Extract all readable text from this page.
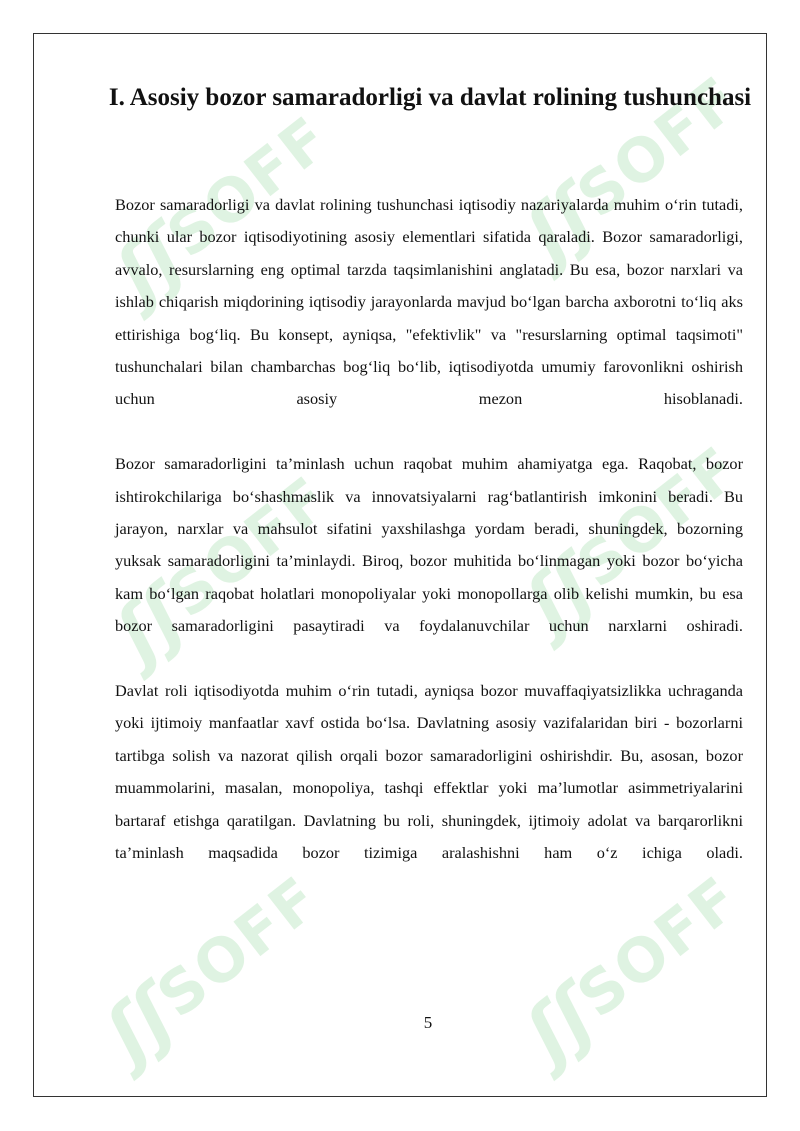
ʃʃ
SOFF ʃʃ
SOFF
ʃʃ
SOFF ʃʃ
SOFF
ʃʃ
SOFF ʃʃ
SOFF
I. Asosiy bozor samaradorligi va davlat rolining tushunchasi

Bozor samaradorligi va davlat rolining tushunchasi iqtisodiy nazariyalarda muhim o‘rin tutadi, chunki ular bozor iqtisodiyotining asosiy elementlari sifatida qaraladi. Bozor samaradorligi, avvalo, resurslarning eng optimal tarzda taqsimlanishini anglatadi. Bu esa, bozor narxlari va ishlab chiqarish miqdorining iqtisodiy jarayonlarda mavjud bo‘lgan barcha axborotni to‘liq aks ettirishiga bog‘liq. Bu konsept, ayniqsa, "efektivlik" va "resurslarning optimal taqsimoti" tushunchalari bilan chambarchas bog‘liq bo‘lib, iqtisodiyotda umumiy farovonlikni oshirish uchun asosiy mezon hisoblanadi.

Bozor samaradorligini ta’minlash uchun raqobat muhim ahamiyatga ega. Raqobat, bozor ishtirokchilariga bo‘shashmaslik va innovatsiyalarni rag‘batlantirish imkonini beradi. Bu jarayon, narxlar va mahsulot sifatini yaxshilashga yordam beradi, shuningdek, bozorning yuksak samaradorligini ta’minlaydi. Biroq, bozor muhitida bo‘linmagan yoki bozor bo‘yicha kam bo‘lgan raqobat holatlari monopoliyalar yoki monopollarga olib kelishi mumkin, bu esa bozor samaradorligini pasaytiradi va foydalanuvchilar uchun narxlarni oshiradi.

Davlat roli iqtisodiyotda muhim o‘rin tutadi, ayniqsa bozor muvaffaqiyatsizlikka uchraganda yoki ijtimoiy manfaatlar xavf ostida bo‘lsa. Davlatning asosiy vazifalaridan biri - bozorlarni tartibga solish va nazorat qilish orqali bozor samaradorligini oshirishdir. Bu, asosan, bozor muammolarini, masalan, monopoliya, tashqi effektlar yoki ma’lumotlar asimmetriyalarini bartaraf etishga qaratilgan. Davlatning bu roli, shuningdek, ijtimoiy adolat va barqarorlikni ta’minlash maqsadida bozor tizimiga aralashishni ham o‘z ichiga oladi.

5
